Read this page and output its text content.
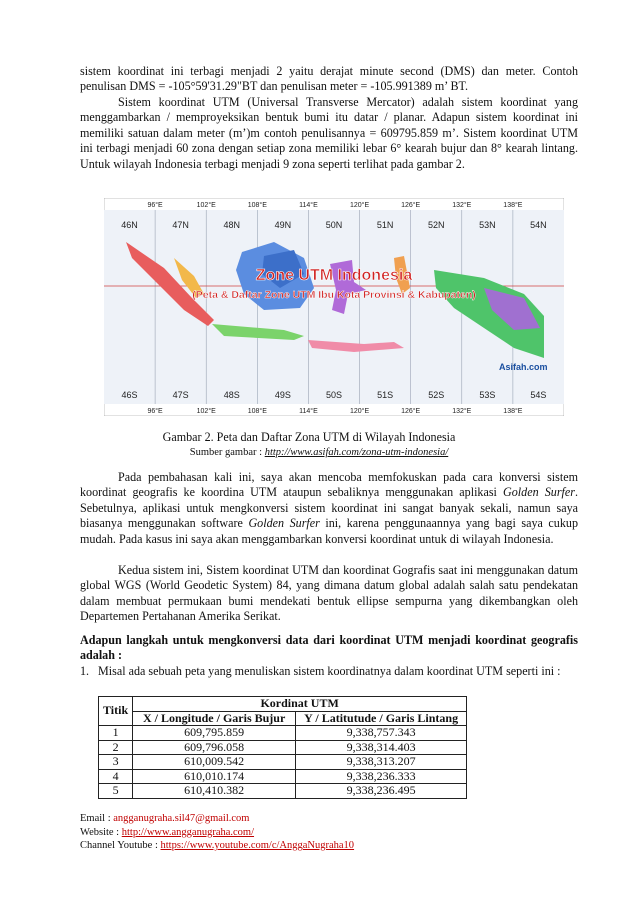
sistem koordinat ini terbagi menjadi 2 yaitu derajat minute second (DMS) dan meter. Contoh penulisan DMS = -105°59'31.29"BT dan penulisan meter = -105.991389 m’ BT.

Sistem koordinat UTM (Universal Transverse Mercator) adalah sistem koordinat yang menggambarkan / memproyeksikan bentuk bumi itu datar / planar. Adapun sistem koordinat ini memiliki satuan dalam meter (m’)m contoh penulisannya = 609795.859 m’. Sistem koordinat UTM ini terbagi menjadi 60 zona dengan setiap zona memiliki lebar 6° kearah bujur dan 8° kearah lintang. Untuk wilayah Indonesia terbagi menjadi 9 zona seperti terlihat pada gambar 2.

Gambar 2. Peta dan Daftar Zona UTM di Wilayah Indonesia
Sumber gambar : http://www.asifah.com/zona-utm-indonesia/

Pada pembahasan kali ini, saya akan mencoba memfokuskan pada cara konversi sistem koordinat geografis ke koordina UTM ataupun sebaliknya menggunakan aplikasi Golden Surfer. Sebetulnya, aplikasi untuk mengkonversi sistem koordinat ini sangat banyak sekali, namun saya biasanya menggunakan software Golden Surfer ini, karena penggunaannya yang bagi saya cukup mudah. Pada kasus ini saya akan menggambarkan konversi koordinat untuk di wilayah Indonesia.

Kedua sistem ini, Sistem koordinat UTM dan koordinat Gografis saat ini menggunakan datum global WGS (World Geodetic System) 84, yang dimana datum global adalah salah satu pendekatan dalam membuat permukaan bumi mendekati bentuk ellipse sempurna yang dikembangkan oleh Departemen Pertahanan Amerika Serikat.

Adapun langkah untuk mengkonversi data dari koordinat UTM menjadi koordinat geografis adalah :

1. Misal ada sebuah peta yang menuliskan sistem koordinatnya dalam koordinat UTM seperti ini :

Titik	Kordinat UTM	
	X / Longitude / Garis Bujur	Y / Latitutude / Garis Lintang
1	609,795.859	9,338,757.343
2	609,796.058	9,338,314.403
3	610,009.542	9,338,313.207
4	610,010.174	9,338,236.333
5	610,410.382	9,338,236.495
Email : angganugraha.sil47@gmail.com
Website : http://www.angganugraha.com/
Channel Youtube : https://www.youtube.com/c/AnggaNugraha10
Zone UTM Indonesia
(Peta & Daftar Zone UTM Ibu Kota Provinsi & Kabupaten)
Asifah.com
96°E	102°E	108°E	114°E	120°E	126°E	132°E	138°E
96°E	102°E	108°E	114°E	120°E	126°E	132°E	138°E
46N	47N	48N	49N	50N	51N	52N	53N	54N
46S	47S	48S	49S	50S	51S	52S	53S	54S
